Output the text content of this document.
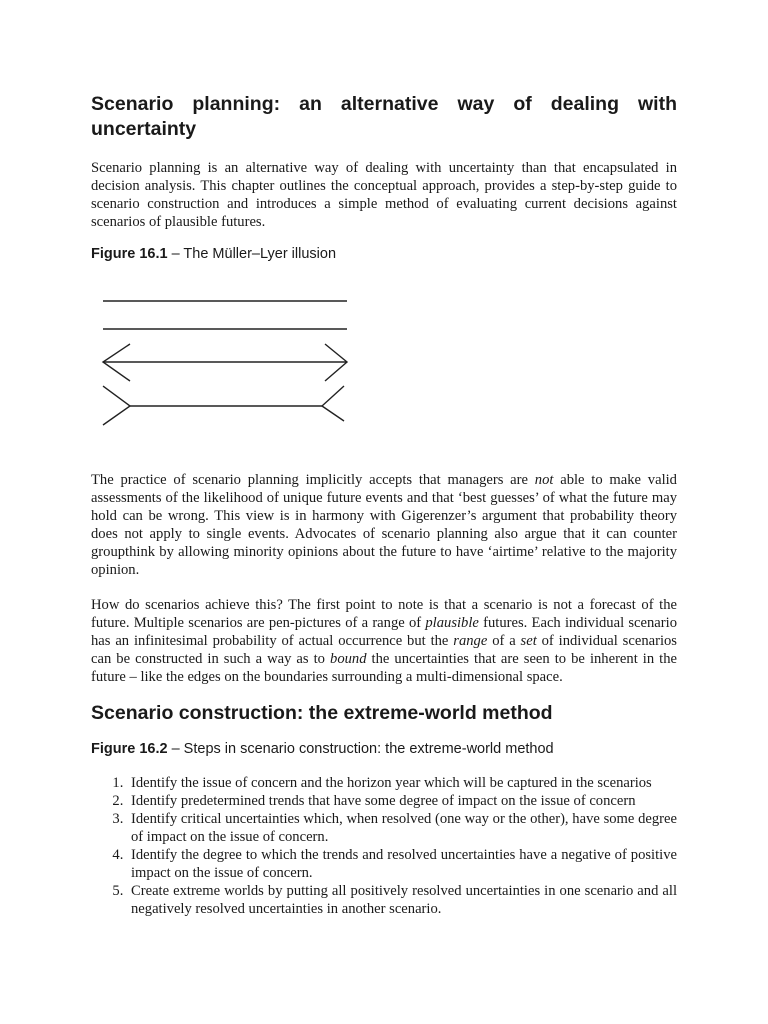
Scenario planning: an alternative way of dealing with uncertainty

Scenario planning is an alternative way of dealing with uncertainty than that encapsulated in decision analysis. This chapter outlines the conceptual approach, provides a step-by-step guide to scenario construction and introduces a simple method of evaluating current decisions against scenarios of plausible futures.

Figure 16.1 – The Müller–Lyer illusion

The practice of scenario planning implicitly accepts that managers are not able to make valid assessments of the likelihood of unique future events and that ‘best guesses’ of what the future may hold can be wrong. This view is in harmony with Gigerenzer’s argument that probability theory does not apply to single events. Advocates of scenario planning also argue that it can counter groupthink by allowing minority opinions about the future to have ‘airtime’ relative to the majority opinion.

How do scenarios achieve this? The first point to note is that a scenario is not a forecast of the future. Multiple scenarios are pen-pictures of a range of plausible futures. Each individual scenario has an infinitesimal probability of actual occurrence but the range of a set of individual scenarios can be constructed in such a way as to bound the uncertainties that are seen to be inherent in the future – like the edges on the boundaries surrounding a multi-dimensional space.

Scenario construction: the extreme-world method
Figure 16.2 – Steps in scenario construction: the extreme-world method
1. Identify the issue of concern and the horizon year which will be captured in the scenarios
2. Identify predetermined trends that have some degree of impact on the issue of concern
3. Identify critical uncertainties which, when resolved (one way or the other), have some degree of impact on the issue of concern.
4. Identify the degree to which the trends and resolved uncertainties have a negative of positive impact on the issue of concern.
5. Create extreme worlds by putting all positively resolved uncertainties in one scenario and all negatively resolved uncertainties in another scenario.
